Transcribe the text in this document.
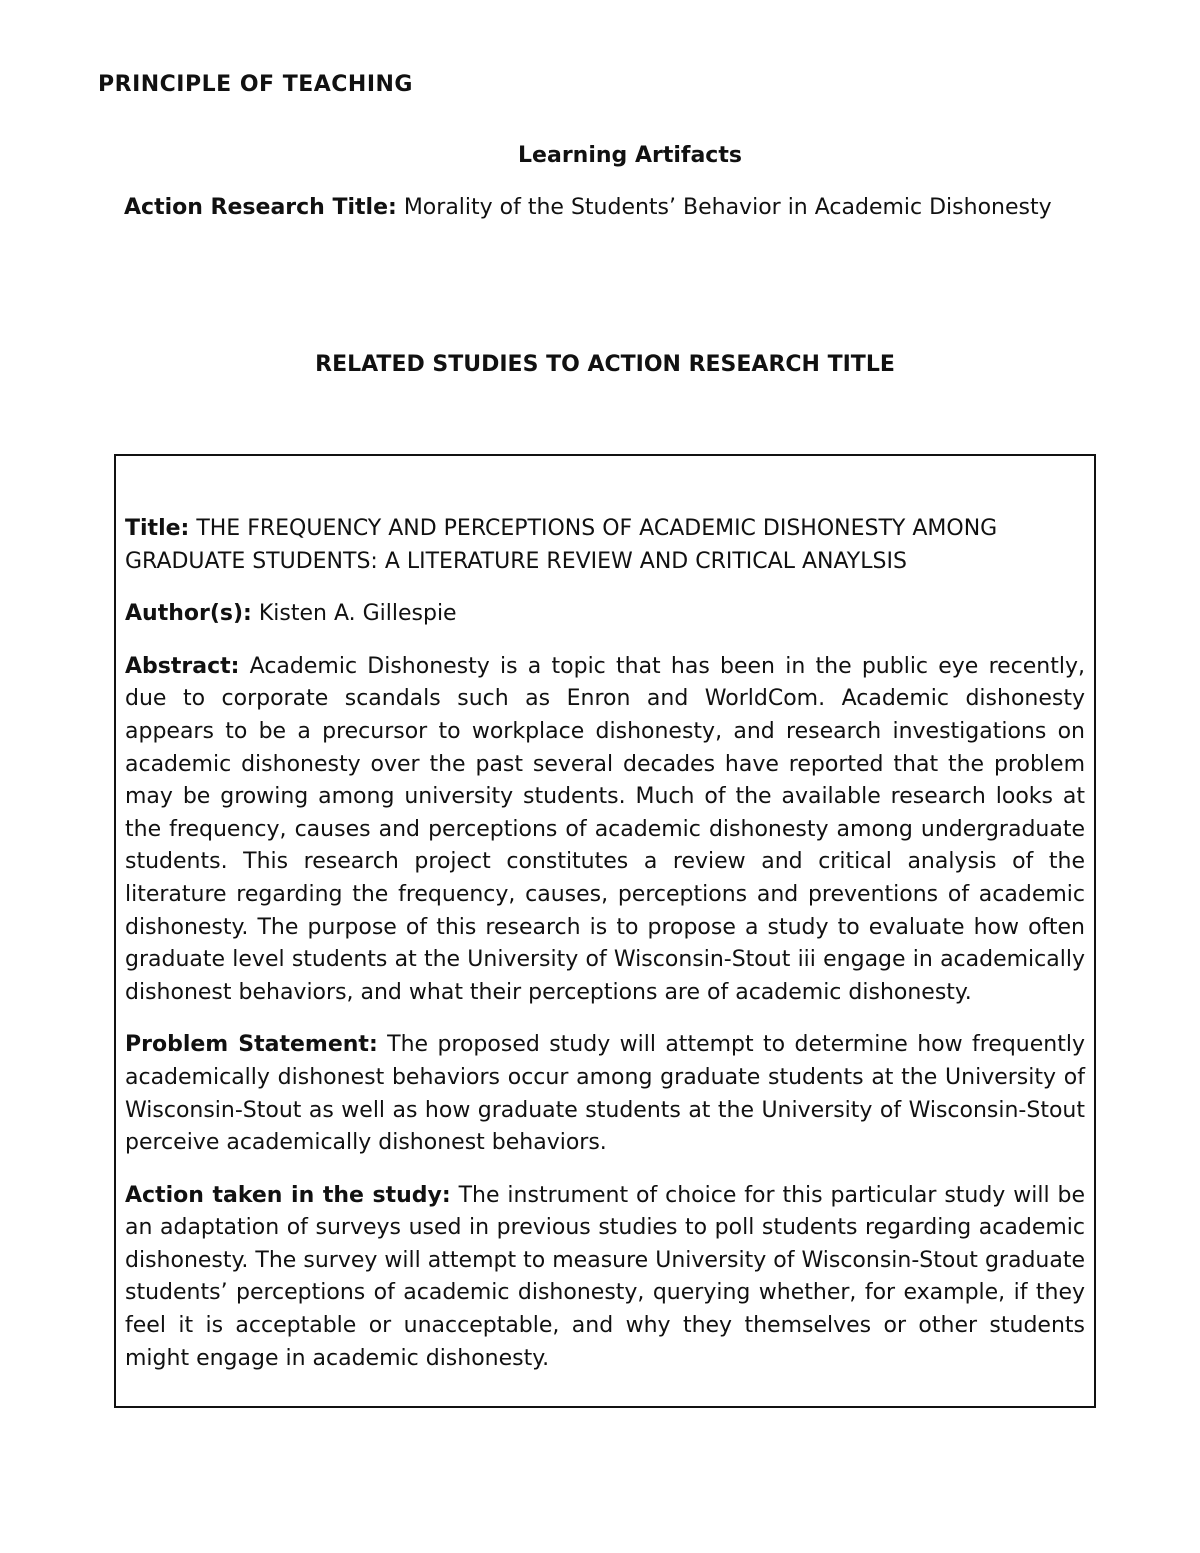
PRINCIPLE OF TEACHING
Learning Artifacts
Action Research Title: Morality of the Students’ Behavior in Academic Dishonesty
RELATED STUDIES TO ACTION RESEARCH TITLE

Title: THE FREQUENCY AND PERCEPTIONS OF ACADEMIC DISHONESTY AMONG GRADUATE STUDENTS: A LITERATURE REVIEW AND CRITICAL ANAYLSIS

Author(s): Kisten A. Gillespie

Abstract: Academic Dishonesty is a topic that has been in the public eye recently, due to corporate scandals such as Enron and WorldCom. Academic dishonesty appears to be a precursor to workplace dishonesty, and research investigations on academic dishonesty over the past several decades have reported that the problem may be growing among university students. Much of the available research looks at the frequency, causes and perceptions of academic dishonesty among undergraduate students. This research project constitutes a review and critical analysis of the literature regarding the frequency, causes, perceptions and preventions of academic dishonesty. The purpose of this research is to propose a study to evaluate how often graduate level students at the University of Wisconsin-Stout iii engage in academically dishonest behaviors, and what their perceptions are of academic dishonesty.

Problem Statement: The proposed study will attempt to determine how frequently academically dishonest behaviors occur among graduate students at the University of Wisconsin-Stout as well as how graduate students at the University of Wisconsin-Stout perceive academically dishonest behaviors.

Action taken in the study: The instrument of choice for this particular study will be an adaptation of surveys used in previous studies to poll students regarding academic dishonesty. The survey will attempt to measure University of Wisconsin-Stout graduate students’ perceptions of academic dishonesty, querying whether, for example, if they feel it is acceptable or unacceptable, and why they themselves or other students might engage in academic dishonesty.
